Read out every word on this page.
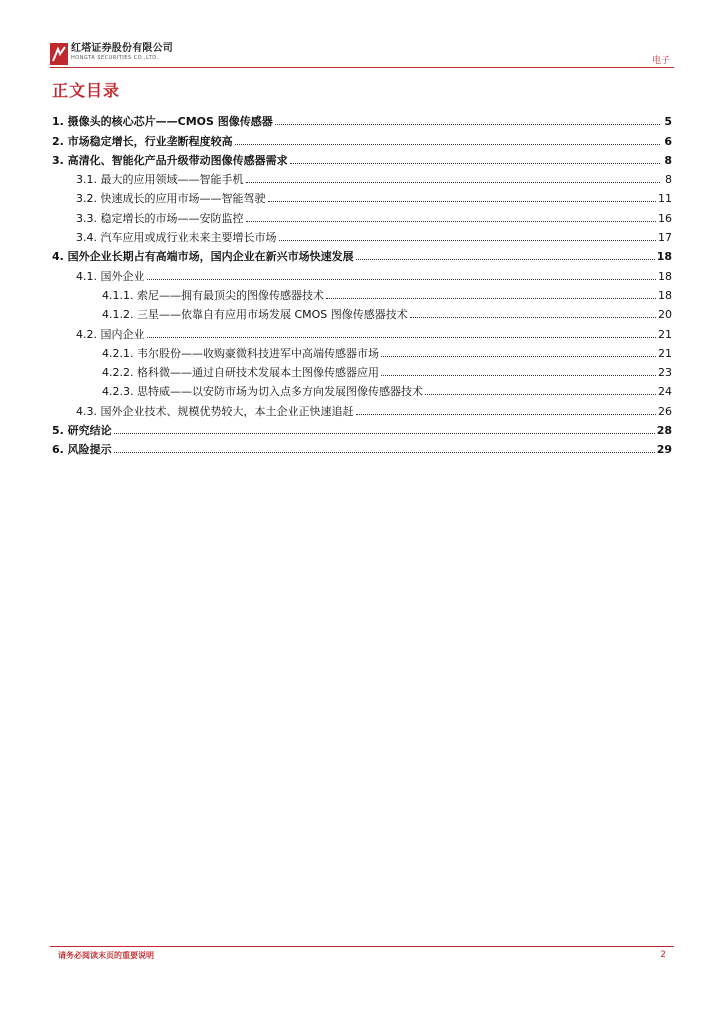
红塔证券股份有限公司
HONGTA SECURITIES CO.,LTD.	电子
正文目录
1. 摄像头的核心芯片——CMOS 图像传感器	5
2. 市场稳定增长，行业垄断程度较高	6
3. 高清化、智能化产品升级带动图像传感器需求	8
3.1. 最大的应用领域——智能手机	8
3.2. 快速成长的应用市场——智能驾驶	11
3.3. 稳定增长的市场——安防监控	16
3.4. 汽车应用或成行业未来主要增长市场	17
4. 国外企业长期占有高端市场，国内企业在新兴市场快速发展	18
4.1. 国外企业	18
4.1.1. 索尼——拥有最顶尖的图像传感器技术	18
4.1.2. 三星——依靠自有应用市场发展 CMOS 图像传感器技术	20
4.2. 国内企业	21
4.2.1. 韦尔股份——收购豪微科技进军中高端传感器市场	21
4.2.2. 格科微——通过自研技术发展本土图像传感器应用	23
4.2.3. 思特威——以安防市场为切入点多方向发展图像传感器技术	24
4.3. 国外企业技术、规模优势较大，本土企业正快速追赶	26
5. 研究结论	28
6. 风险提示	29
请务必阅读末页的重要说明	2
